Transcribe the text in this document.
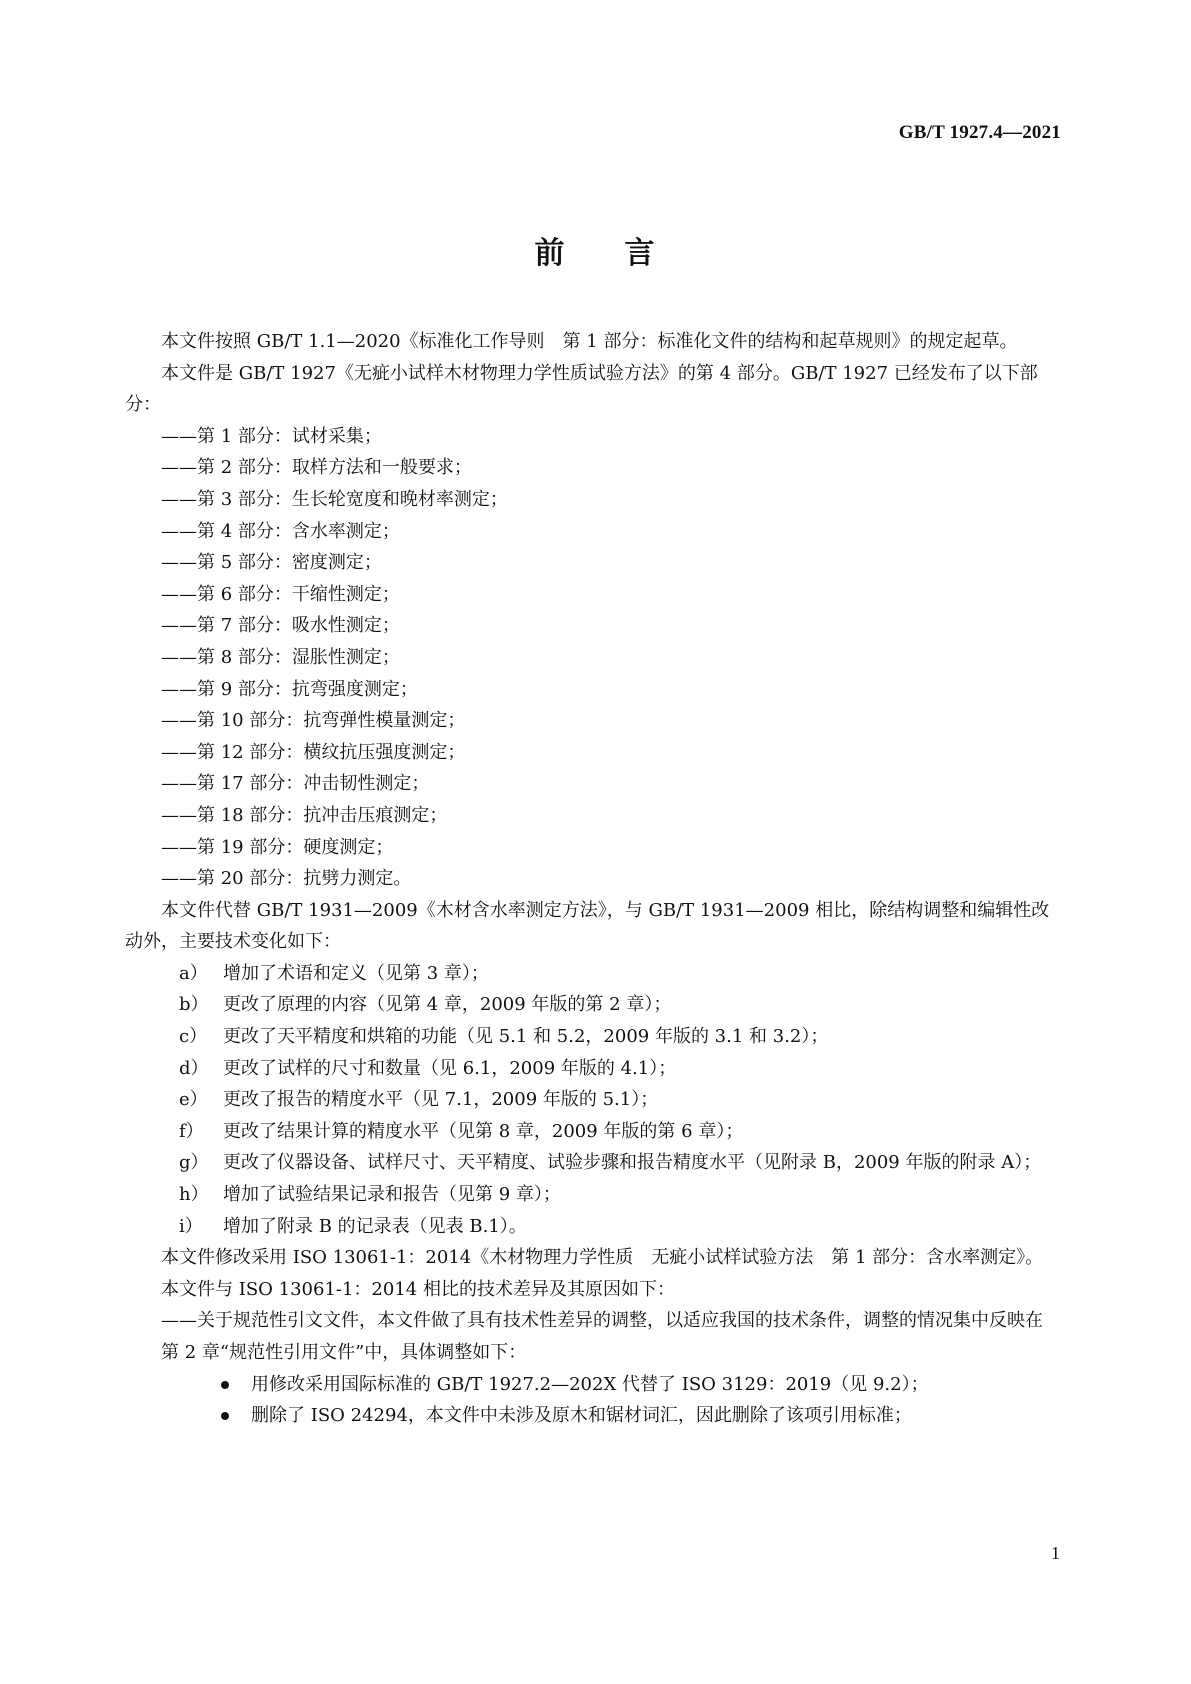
GB/T 1927.4—2021
前 言

本文件按照 GB/T 1.1—2020《标准化工作导则　第 1 部分：标准化文件的结构和起草规则》的规定起草。

本文件是 GB/T 1927《无疵小试样木材物理力学性质试验方法》的第 4 部分。GB/T 1927 已经发布了以下部分：

——第 1 部分：试材采集；

——第 2 部分：取样方法和一般要求；

——第 3 部分：生长轮宽度和晚材率测定；

——第 4 部分：含水率测定；

——第 5 部分：密度测定；

——第 6 部分：干缩性测定；

——第 7 部分：吸水性测定；

——第 8 部分：湿胀性测定；

——第 9 部分：抗弯强度测定；

——第 10 部分：抗弯弹性模量测定；

——第 12 部分：横纹抗压强度测定；

——第 17 部分：冲击韧性测定；

——第 18 部分：抗冲击压痕测定；

——第 19 部分：硬度测定；

——第 20 部分：抗劈力测定。

本文件代替 GB/T 1931—2009《木材含水率测定方法》，与 GB/T 1931—2009 相比，除结构调整和编辑性改动外，主要技术变化如下：

a） 增加了术语和定义（见第 3 章）；

b） 更改了原理的内容（见第 4 章，2009 年版的第 2 章）；

c） 更改了天平精度和烘箱的功能（见 5.1 和 5.2，2009 年版的 3.1 和 3.2）；

d） 更改了试样的尺寸和数量（见 6.1，2009 年版的 4.1）；

e） 更改了报告的精度水平（见 7.1，2009 年版的 5.1）；

f）	更改了结果计算的精度水平（见第 8 章，2009 年版的第 6 章）；

g） 更改了仪器设备、试样尺寸、天平精度、试验步骤和报告精度水平（见附录 B，2009 年版的附录 A）；

h） 增加了试验结果记录和报告（见第 9 章）；

i）	增加了附录 B 的记录表（见表 B.1）。

本文件修改采用 ISO 13061-1：2014《木材物理力学性质　无疵小试样试验方法　第 1 部分：含水率测定》。

本文件与 ISO 13061-1：2014 相比的技术差异及其原因如下：

——关于规范性引文文件，本文件做了具有技术性差异的调整，以适应我国的技术条件，调整的情况集中反映在第 2 章“规范性引用文件”中，具体调整如下：

用修改采用国际标准的 GB/T 1927.2—202X 代替了 ISO 3129：2019（见 9.2）；

删除了 ISO 24294，本文件中未涉及原木和锯材词汇，因此删除了该项引用标准；

1
